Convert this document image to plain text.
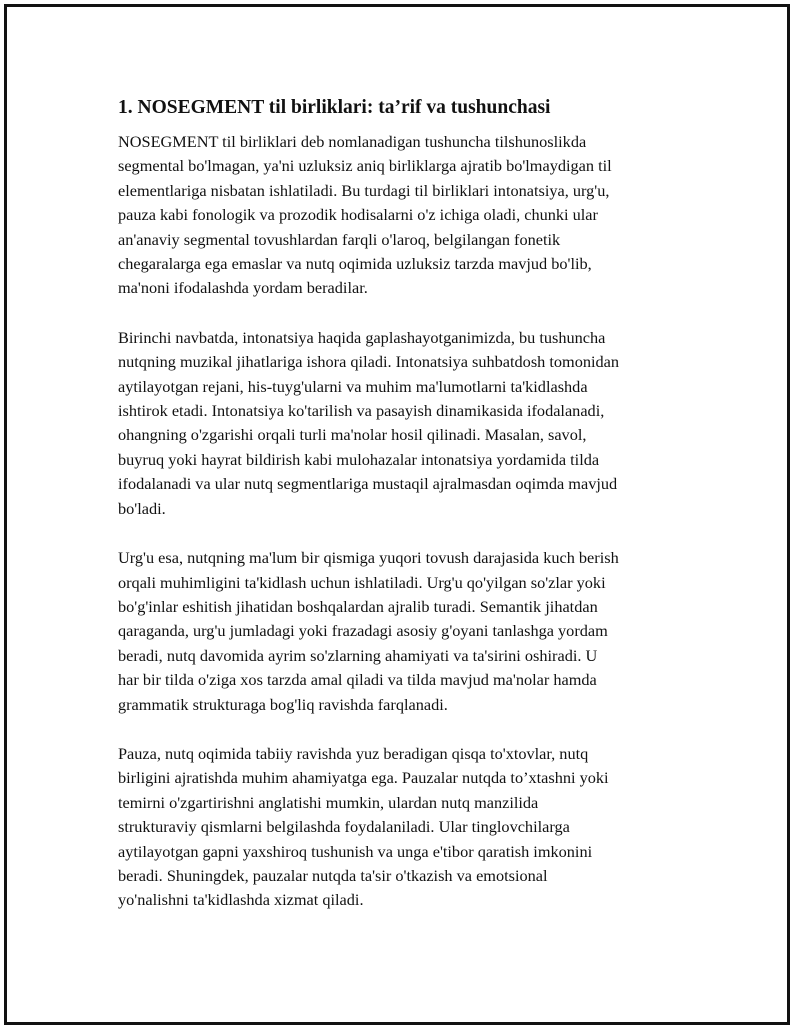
1. NOSEGMENT til birliklari: ta’rif va tushunchasi

NOSEGMENT til birliklari deb nomlanadigan tushuncha tilshunoslikda
segmental bo'lmagan, ya'ni uzluksiz aniq birliklarga ajratib bo'lmaydigan til
elementlariga nisbatan ishlatiladi. Bu turdagi til birliklari intonatsiya, urg'u,
pauza kabi fonologik va prozodik hodisalarni o'z ichiga oladi, chunki ular
an'anaviy segmental tovushlardan farqli o'laroq, belgilangan fonetik
chegaralarga ega emaslar va nutq oqimida uzluksiz tarzda mavjud bo'lib,
ma'noni ifodalashda yordam beradilar.

Birinchi navbatda, intonatsiya haqida gaplashayotganimizda, bu tushuncha
nutqning muzikal jihatlariga ishora qiladi. Intonatsiya suhbatdosh tomonidan
aytilayotgan rejani, his-tuyg'ularni va muhim ma'lumotlarni ta'kidlashda
ishtirok etadi. Intonatsiya ko'tarilish va pasayish dinamikasida ifodalanadi,
ohangning o'zgarishi orqali turli ma'nolar hosil qilinadi. Masalan, savol,
buyruq yoki hayrat bildirish kabi mulohazalar intonatsiya yordamida tilda
ifodalanadi va ular nutq segmentlariga mustaqil ajralmasdan oqimda mavjud
bo'ladi.

Urg'u esa, nutqning ma'lum bir qismiga yuqori tovush darajasida kuch berish
orqali muhimligini ta'kidlash uchun ishlatiladi. Urg'u qo'yilgan so'zlar yoki
bo'g'inlar eshitish jihatidan boshqalardan ajralib turadi. Semantik jihatdan
qaraganda, urg'u jumladagi yoki frazadagi asosiy g'oyani tanlashga yordam
beradi, nutq davomida ayrim so'zlarning ahamiyati va ta'sirini oshiradi. U
har bir tilda o'ziga xos tarzda amal qiladi va tilda mavjud ma'nolar hamda
grammatik strukturaga bog'liq ravishda farqlanadi.

Pauza, nutq oqimida tabiiy ravishda yuz beradigan qisqa to'xtovlar, nutq
birligini ajratishda muhim ahamiyatga ega. Pauzalar nutqda to’xtashni yoki
temirni o'zgartirishni anglatishi mumkin, ulardan nutq manzilida
strukturaviy qismlarni belgilashda foydalaniladi. Ular tinglovchilarga
aytilayotgan gapni yaxshiroq tushunish va unga e'tibor qaratish imkonini
beradi. Shuningdek, pauzalar nutqda ta'sir o'tkazish va emotsional
yo'nalishni ta'kidlashda xizmat qiladi.
